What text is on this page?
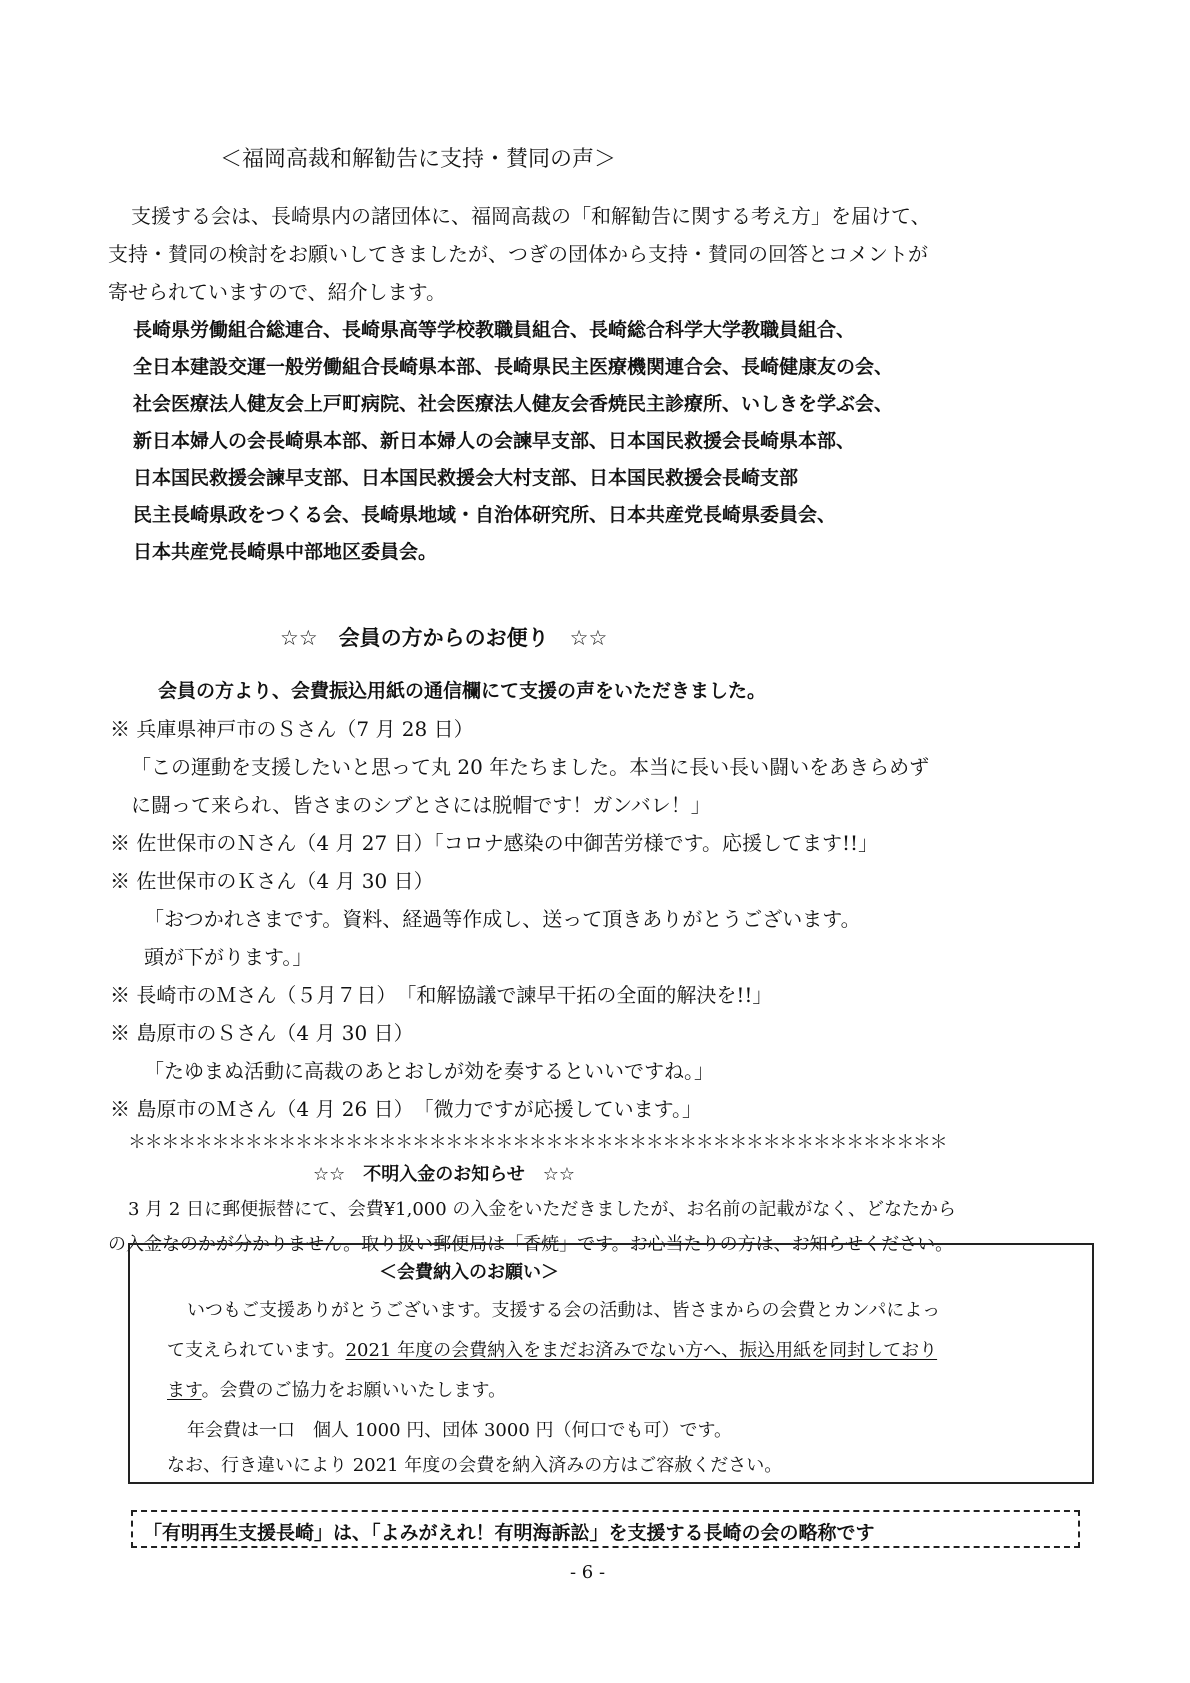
＜福岡高裁和解勧告に支持・賛同の声＞
支援する会は、長崎県内の諸団体に、福岡高裁の「和解勧告に関する考え方」を届けて、
支持・賛同の検討をお願いしてきましたが、つぎの団体から支持・賛同の回答とコメントが
寄せられていますので、紹介します。
長崎県労働組合総連合、長崎県高等学校教職員組合、長崎総合科学大学教職員組合、
全日本建設交運一般労働組合長崎県本部、長崎県民主医療機関連合会、長崎健康友の会、
社会医療法人健友会上戸町病院、社会医療法人健友会香焼民主診療所、いしきを学ぶ会、
新日本婦人の会長崎県本部、新日本婦人の会諫早支部、日本国民救援会長崎県本部、
日本国民救援会諫早支部、日本国民救援会大村支部、日本国民救援会長崎支部
民主長崎県政をつくる会、長崎県地域・自治体研究所、日本共産党長崎県委員会、
日本共産党長崎県中部地区委員会。
☆☆　会員の方からのお便り　☆☆
会員の方より、会費振込用紙の通信欄にて支援の声をいただきました。
※ 兵庫県神戸市のＳさん（7 月 28 日）
「この運動を支援したいと思って丸 20 年たちました。本当に長い長い闘いをあきらめず
に闘って来られ、皆さまのシブとさには脱帽です！ガンバレ！」
※ 佐世保市のＮさん（4 月 27 日）「コロナ感染の中御苦労様です。応援してます!!」
※ 佐世保市のＫさん（4 月 30 日）
「おつかれさまです。資料、経過等作成し、送って頂きありがとうございます。
頭が下がります。」
※ 長崎市のＭさん（５月７日）　「和解協議で諫早干拓の全面的解決を!!」
※ 島原市のＳさん（4 月 30 日）
「たゆまぬ活動に高裁のあとおしが効を奏するといいですね。」
※ 島原市のＭさん（4 月 26 日）　「微力ですが応援しています。」
＊＊＊＊＊＊＊＊＊＊＊＊＊＊＊＊＊＊＊＊＊＊＊＊＊＊＊＊＊＊＊＊＊＊＊＊＊＊＊＊＊＊＊＊＊＊＊＊＊
☆☆　不明入金のお知らせ　☆☆
3 月 2 日に郵便振替にて、会費¥1,000 の入金をいただきましたが、お名前の記載がなく、どなたから
の入金なのかが分かりません。取り扱い郵便局は「香焼」です。お心当たりの方は、お知らせください。
＜会費納入のお願い＞
いつもご支援ありがとうございます。支援する会の活動は、皆さまからの会費とカンパによっ
て支えられています。2021 年度の会費納入をまだお済みでない方へ、振込用紙を同封しており
ます。会費のご協力をお願いいたします。
年会費は一口　個人 1000 円、団体 3000 円（何口でも可）です。
なお、行き違いにより 2021 年度の会費を納入済みの方はご容赦ください。
「有明再生支援長崎」は、「よみがえれ！有明海訴訟」を支援する長崎の会の略称です
- 6 -
